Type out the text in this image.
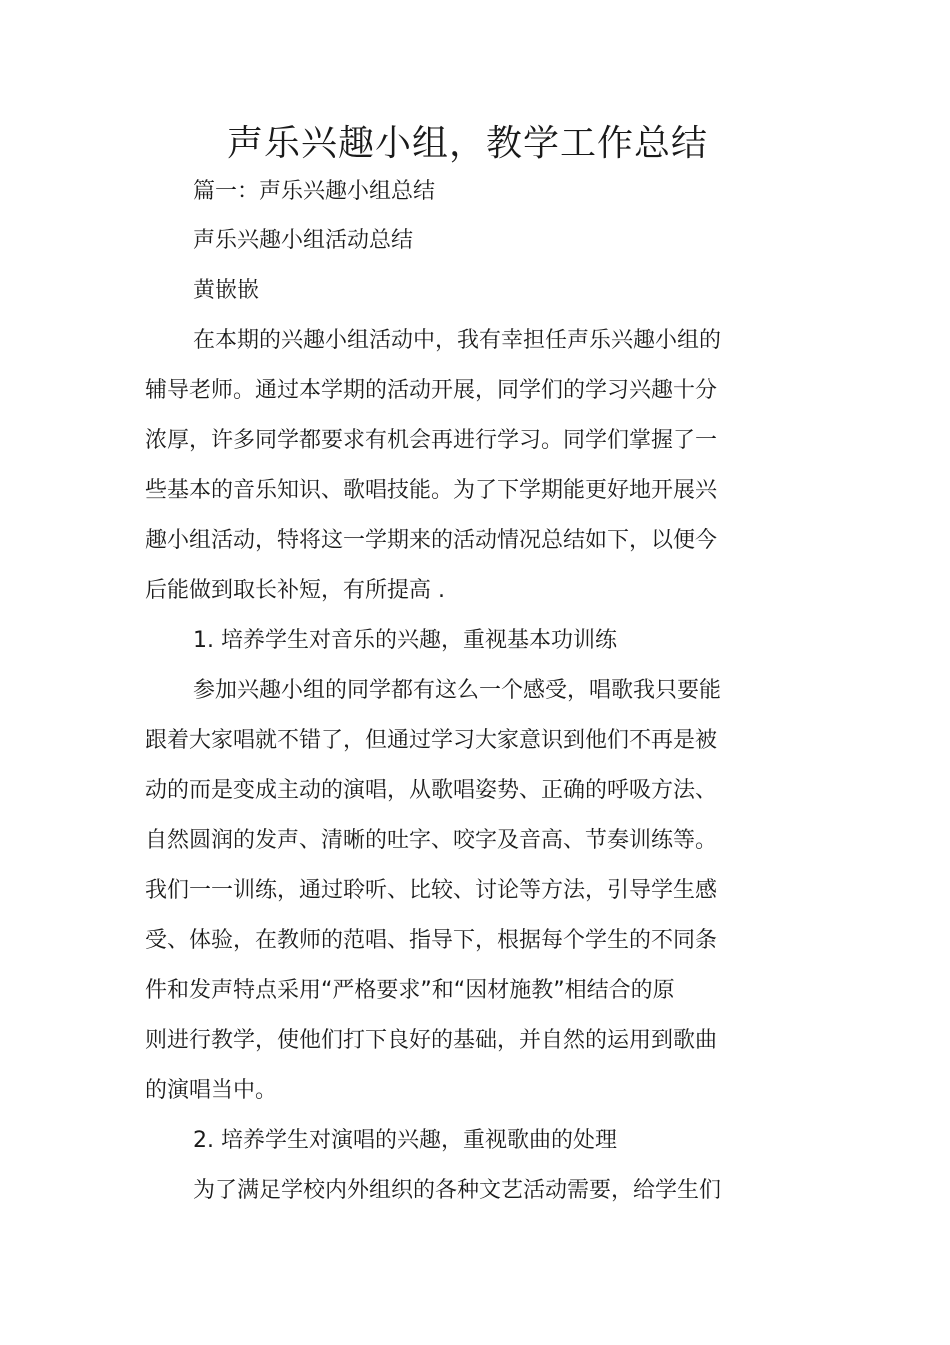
声乐兴趣小组，教学工作总结

篇一：声乐兴趣小组总结

声乐兴趣小组活动总结

黄嵌嵌

在本期的兴趣小组活动中，我有幸担任声乐兴趣小组的

辅导老师。通过本学期的活动开展，同学们的学习兴趣十分

浓厚，许多同学都要求有机会再进行学习。同学们掌握了一

些基本的音乐知识、歌唱技能。为了下学期能更好地开展兴

趣小组活动，特将这一学期来的活动情况总结如下，以便今

后能做到取长补短，有所提高 .

1. 培养学生对音乐的兴趣，重视基本功训练

参加兴趣小组的同学都有这么一个感受，唱歌我只要能

跟着大家唱就不错了，但通过学习大家意识到他们不再是被

动的而是变成主动的演唱，从歌唱姿势、正确的呼吸方法、

自然圆润的发声、清晰的吐字、咬字及音高、节奏训练等。

我们一一训练，通过聆听、比较、讨论等方法，引导学生感

受、体验，在教师的范唱、指导下，根据每个学生的不同条

件和发声特点采用“严格要求”和“因材施教”相结合的原

则进行教学，使他们打下良好的基础，并自然的运用到歌曲

的演唱当中。

2. 培养学生对演唱的兴趣，重视歌曲的处理

为了满足学校内外组织的各种文艺活动需要，给学生们
